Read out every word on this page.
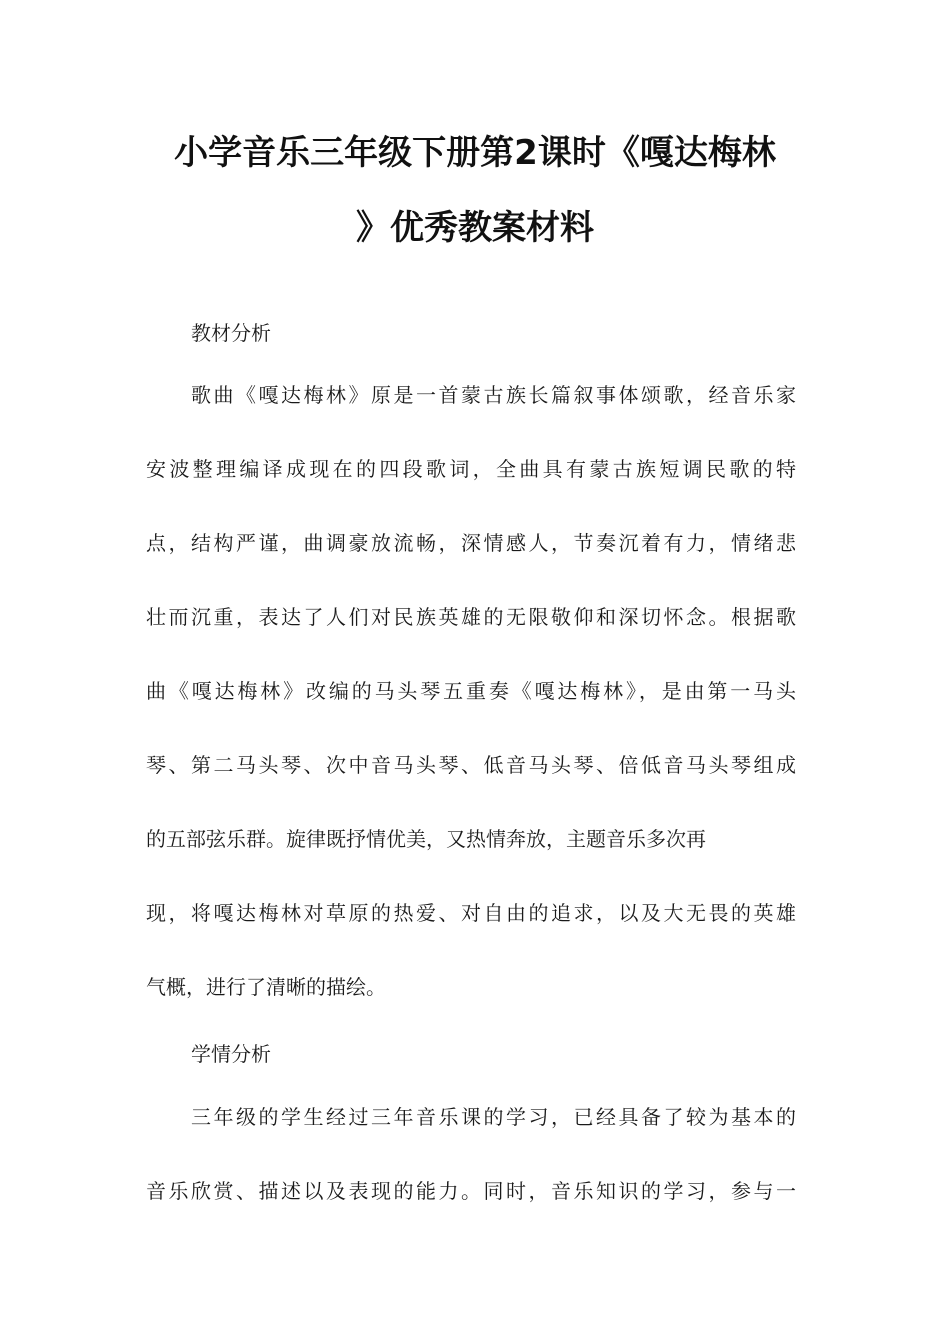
小学音乐三年级下册第2课时《嘎达梅林
》优秀教案材料
教材分析
歌曲《嘎达梅林》原是一首蒙古族长篇叙事体颂歌，经音乐家
安波整理编译成现在的四段歌词，全曲具有蒙古族短调民歌的特
点，结构严谨，曲调豪放流畅，深情感人，节奏沉着有力，情绪悲
壮而沉重，表达了人们对民族英雄的无限敬仰和深切怀念。根据歌
曲《嘎达梅林》改编的马头琴五重奏《嘎达梅林》，是由第一马头
琴、第二马头琴、次中音马头琴、低音马头琴、倍低音马头琴组成
的五部弦乐群。旋律既抒情优美，又热情奔放，主题音乐多次再
现，将嘎达梅林对草原的热爱、对自由的追求，以及大无畏的英雄
气概，进行了清晰的描绘。
学情分析
三年级的学生经过三年音乐课的学习，已经具备了较为基本的
音乐欣赏、描述以及表现的能力。同时，音乐知识的学习，参与一
